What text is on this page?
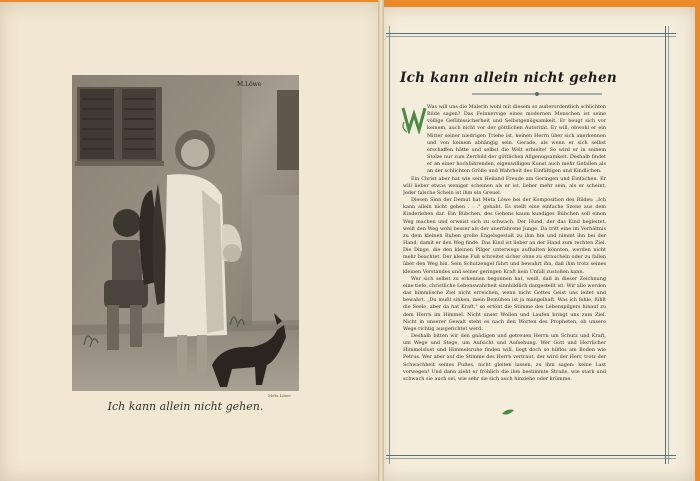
M.Löwe
Meta Löwe
Ich kann allein nicht gehen.
Ich kann allein nicht gehen

Was will uns die Malerin wohl mit diesem so außerordentlich schlichten Bilde sagen? Das Feinnervige eines modernen Menschen ist seine völlige Gefühlssicherheit und Selbstgenügsamkeit. Er beugt sich vor keinem, auch nicht vor der göttlichen Autorität. Er will, obwohl er ein Mitter seiner niedrigen Triebe ist, keinen Herrn über sich anerkennen und von keinem abhängig sein. Gerade, als wenn er sich selbst erschaffen hätte und selbst die Welt erhielte! So wird er in seinem Stolze nur zum Zerrbild der göttlichen Allgenugsamkeit. Deshalb findet er an einer hochfahrenden, eigenwilligen Kunst auch mehr Gefallen als an der schlichten Größe und Wahrheit des Einfältigen und Kindlichen.

Ein Christ aber hat wie sein Heiland Freude am Geringen und Einfachen. Er will lieber etwas weniger scheinen als er ist, lieber mehr sein, als er scheint. Jeder falsche Schein ist ihm ein Greuel.

Diesen Sinn der Demut hat Meta Löwe bei der Komposition des Bildes: „Ich kann allein nicht gehen . . ." gehabt. Es stellt eine einfache Szene aus dem Kinderleben dar. Ein Bübchen, des Gehens kaum kundiges Bübchen soll einen Weg machen und erweist sich zu schwach. Der Hund, der das Kind begleitet, weiß den Weg wohl besser als der unerfahrene Junge. Da tritt eine im Verhältnis zu dem kleinen Buben große Engelsgestalt zu ihm hin und nimmt ihn bei der Hand, damit er den Weg finde. Das Kind ist lieber an der Hand zum rechten Ziel. Die Dinge, die den kleinen Pilger unterwegs aufhalten könnten, werden nicht mehr beachtet. Der kleine Fuß schreitet sicher ohne zu straucheln oder zu fallen über den Weg hin. Sein Schutzengel führt und bewahrt ihn, daß ihm trotz seines kleinen Verstandes und seiner geringen Kraft kein Unfall zustoßen kann.

Wer sich selbst zu erkennen begonnen hat, weiß, daß in dieser Zeichnung eine tiefe, christliche Lebenswahrheit sinnbildlich dargestellt ist. Wir alle werden das himmlische Ziel nicht erreichen, wenn nicht Gottes Geist uns leitet und bewahrt. „Du mußt sinken, mein Bemühen ist ja mangelhaft. Was ich fehle, fühlt die Seele, aber da hat Kraft," so ertönt die Stimme des Lebenspilgers hinauf zu dem Herrn im Himmel. Nicht unser Wollen und Laufen bringt uns zum Ziel. Nicht in unserer Gewalt steht es nach den Worten des Propheten, ob unsere Wege richtig ausgerichtet werd.

Deshalb bitten wir den gnädigen und getreuen Herrn um Schutz und Kraft, um Wege und Stege, um Aufsicht und Aufsehung. Wer Gott und Herrlicher Himmelslust und Himmelsruhe finden will, liegt doch so hilflos am Boden wie Petrus. Wer aber auf die Stimme des Herrn vertraut, der wird der Herr, trotz der Schwachheit seines Fußes, nicht gleiten lassen, zu ihm sagen: keine Last vorwegen! Und dann zieht er fröhlich die ihm bestimmte Straße, wie stark und schwach sie auch sei, wie sehr sie sich auch hinziehe oder krümme.
